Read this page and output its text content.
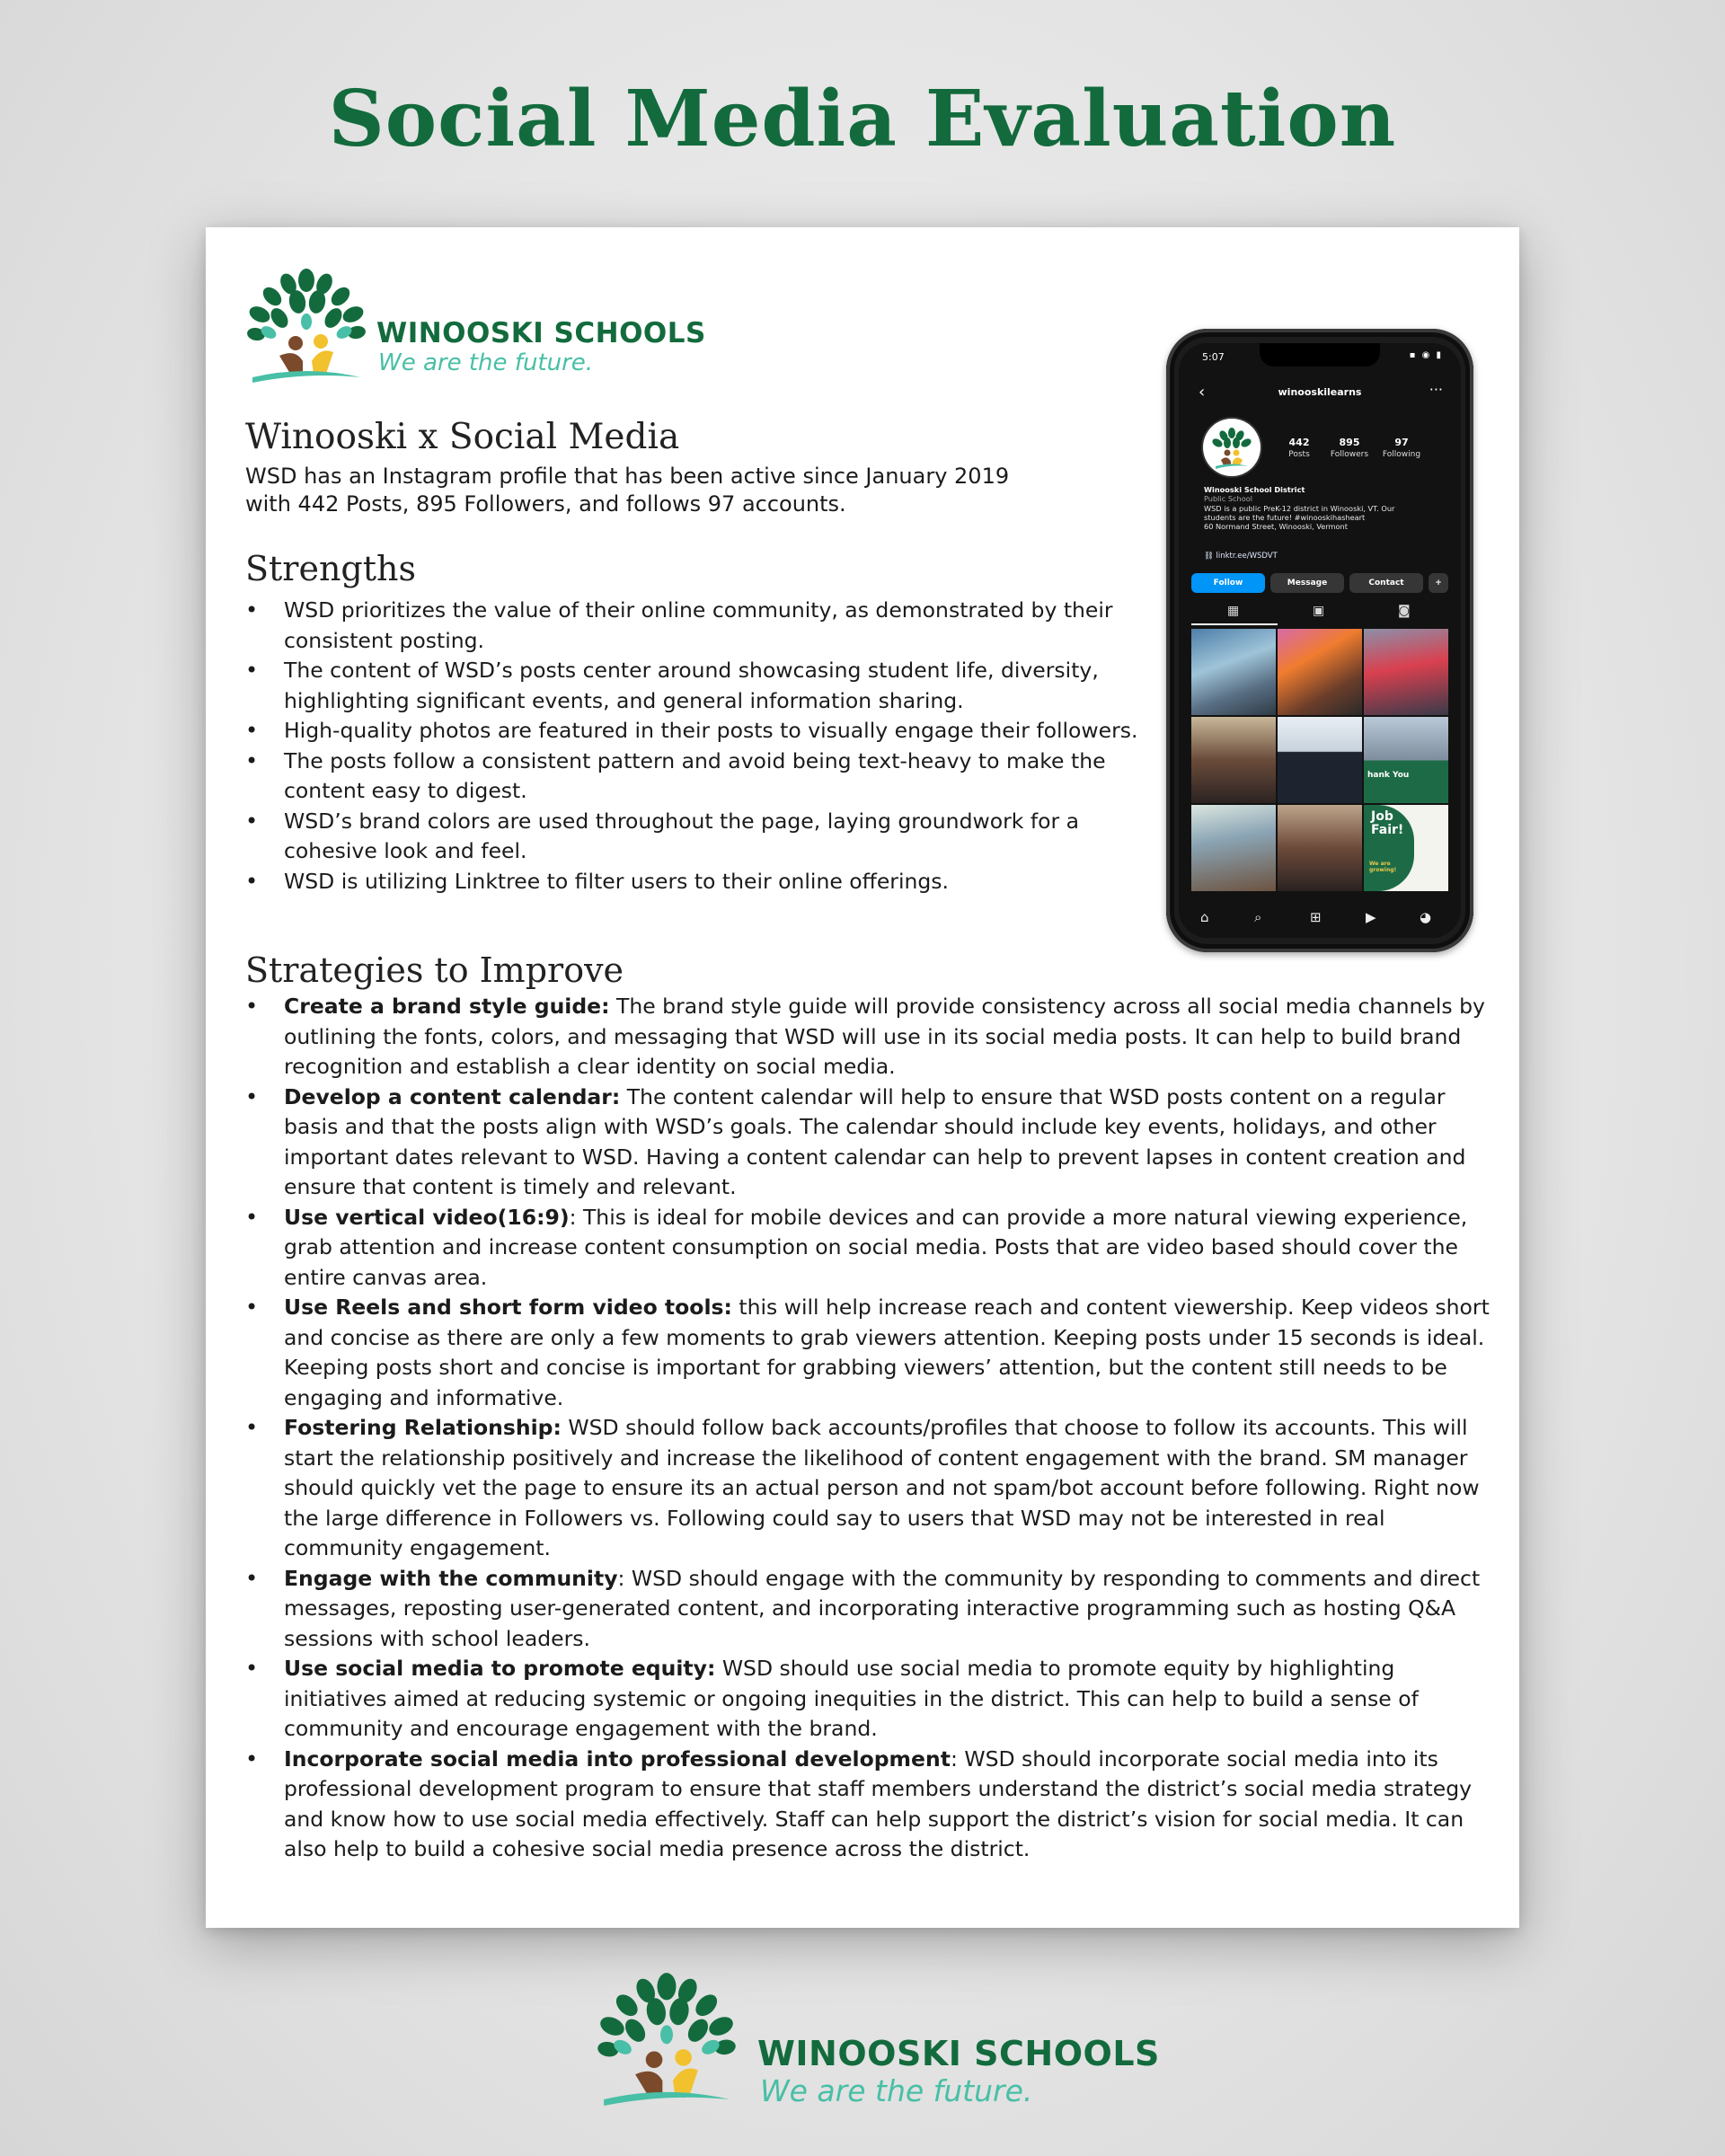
Social Media Evaluation
WINOOSKI SCHOOLS
We are the future.
Winooski x Social Media

WSD has an Instagram profile that has been active since January 2019
with 442 Posts, 895 Followers, and follows 97 accounts.

Strengths
• WSD prioritizes the value of their online community, as demonstrated by their consistent posting.
• The content of WSD’s posts center around showcasing student life, diversity, highlighting significant events, and general information sharing.
• High-quality photos are featured in their posts to visually engage their followers.
• The posts follow a consistent pattern and avoid being text-heavy to make the content easy to digest.
• WSD’s brand colors are used throughout the page, laying groundwork for a cohesive look and feel.
• WSD is utilizing Linktree to filter users to their online offerings.
Strategies to Improve
• Create a brand style guide: The brand style guide will provide consistency across all social media channels by outlining the fonts, colors, and messaging that WSD will use in its social media posts. It can help to build brand recognition and establish a clear identity on social media.
• Develop a content calendar: The content calendar will help to ensure that WSD posts content on a regular basis and that the posts align with WSD’s goals. The calendar should include key events, holidays, and other important dates relevant to WSD. Having a content calendar can help to prevent lapses in content creation and ensure that content is timely and relevant.
• Use vertical video(16:9): This is ideal for mobile devices and can provide a more natural viewing experience, grab attention and increase content consumption on social media. Posts that are video based should cover the entire canvas area.
• Use Reels and short form video tools: this will help increase reach and content viewership. Keep videos short and concise as there are only a few moments to grab viewers attention. Keeping posts under 15 seconds is ideal. Keeping posts short and concise is important for grabbing viewers’ attention, but the content still needs to be engaging and informative.
• Fostering Relationship: WSD should follow back accounts/profiles that choose to follow its accounts. This will start the relationship positively and increase the likelihood of content engagement with the brand. SM manager should quickly vet the page to ensure its an actual person and not spam/bot account before following. Right now the large difference in Followers vs. Following could say to users that WSD may not be interested in real community engagement.
• Engage with the community: WSD should engage with the community by responding to comments and direct messages, reposting user-generated content, and incorporating interactive programming such as hosting Q&A sessions with school leaders.
• Use social media to promote equity: WSD should use social media to promote equity by highlighting initiatives aimed at reducing systemic or ongoing inequities in the district. This can help to build a sense of community and encourage engagement with the brand.
• Incorporate social media into professional development: WSD should incorporate social media into its professional development program to ensure that staff members understand the district’s social media strategy and know how to use social media effectively. Staff can help support the district’s vision for social media. It can also help to build a cohesive social media presence across the district.
5:07	▪ ◉ ▮
‹	winooskilearns	···
442
Posts
895
Followers
97
Following
Winooski School District
Public School
WSD is a public PreK-12 district in Winooski, VT. Our
students are the future! #winooskihasheart
60 Normand Street, Winooski, Vermont
⛓ linktr.ee/WSDVT
Follow	Message	Contact	+
▦	▣	◙
hank You
Job Fair!
We are growing!
⌂	⌕	⊞	▶	◕
WINOOSKI SCHOOLS
We are the future.
